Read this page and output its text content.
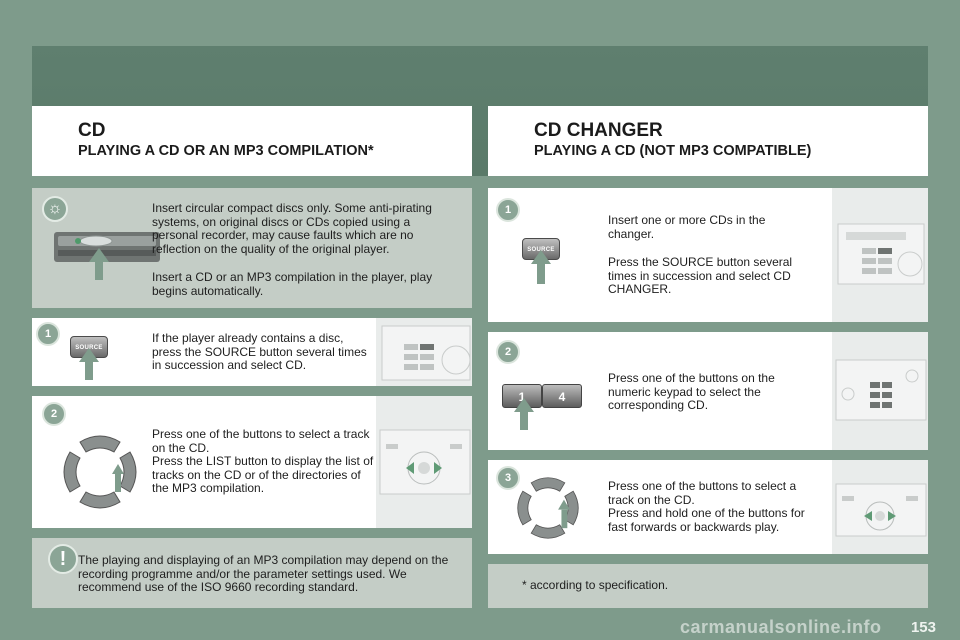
CD
PLAYING A CD OR AN MP3 COMPILATION*
CD CHANGER
PLAYING A CD (NOT MP3 COMPATIBLE)
☼	Insert circular compact discs only. Some anti-pirating systems, on original discs or CDs copied using a personal recorder, may cause faults which are no reflection on the quality of the original player.
Insert a CD or an MP3 compilation in the player, play begins automatically.
1
SOURCE
If the player already contains a disc, press the SOURCE button several times in succession and select CD.
2
Press one of the buttons to select a track on the CD.
Press the LIST button to display the list of tracks on the CD or of the directories of the MP3 compilation.
! The playing and displaying of an MP3 compilation may depend on the recording programme and/or the parameter settings used. We recommend use of the ISO 9660 recording standard.
1
SOURCE
Insert one or more CDs in the changer.
Press the SOURCE button several times in succession and select CD CHANGER.
2
1	4
Press one of the buttons on the numeric keypad to select the corresponding CD.
3
Press one of the buttons to select a track on the CD.
Press and hold one of the buttons for fast forwards or backwards play.
* according to specification.
carmanualsonline.info 153
